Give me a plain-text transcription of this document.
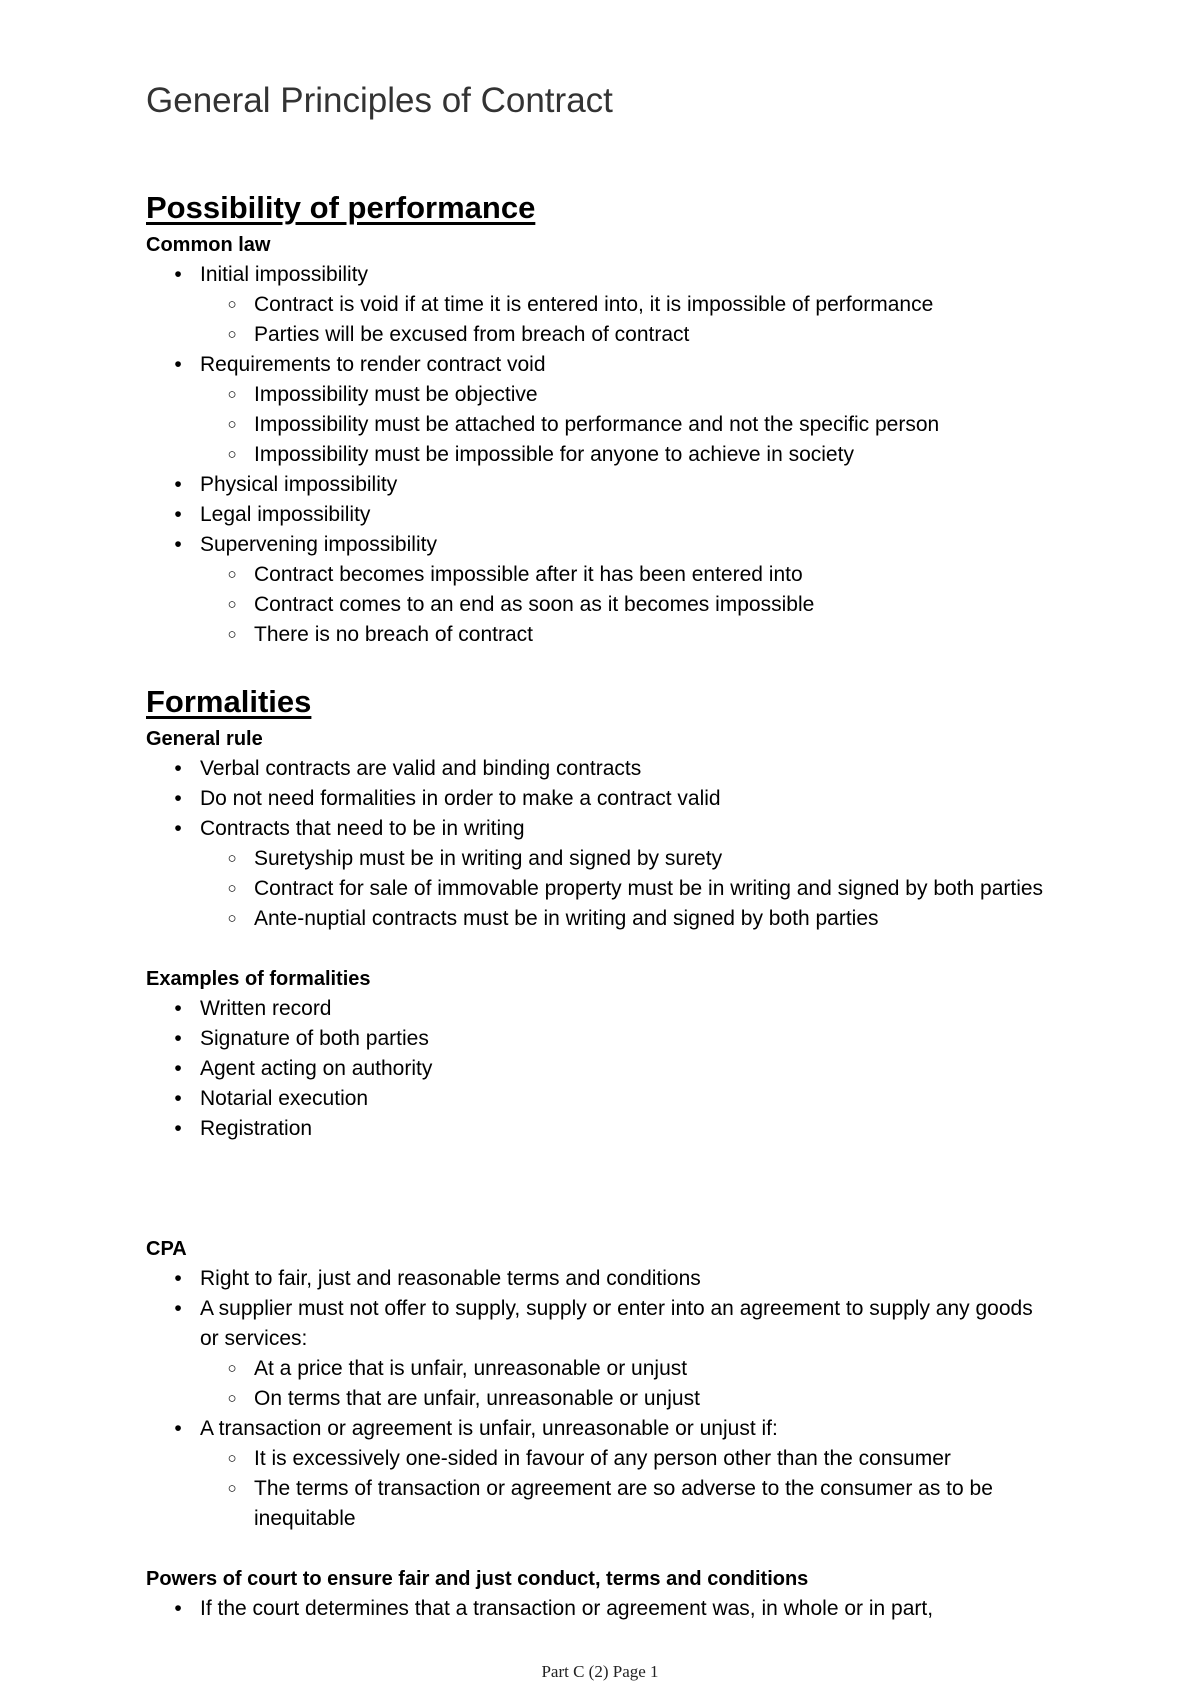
General Principles of Contract
Possibility of performance
Common law
• Initial impossibility
○ Contract is void if at time it is entered into, it is impossible of performance
○ Parties will be excused from breach of contract
• Requirements to render contract void
○ Impossibility must be objective
○ Impossibility must be attached to performance and not the specific person
○ Impossibility must be impossible for anyone to achieve in society
• Physical impossibility
• Legal impossibility
• Supervening impossibility
○ Contract becomes impossible after it has been entered into
○ Contract comes to an end as soon as it becomes impossible
○ There is no breach of contract
Formalities
General rule
• Verbal contracts are valid and binding contracts
• Do not need formalities in order to make a contract valid
• Contracts that need to be in writing
○ Suretyship must be in writing and signed by surety
○ Contract for sale of immovable property must be in writing and signed by both parties
○ Ante-nuptial contracts must be in writing and signed by both parties
Examples of formalities
• Written record
• Signature of both parties
• Agent acting on authority
• Notarial execution
• Registration
CPA
• Right to fair, just and reasonable terms and conditions
• A supplier must not offer to supply, supply or enter into an agreement to supply any goods or services:
○ At a price that is unfair, unreasonable or unjust
○ On terms that are unfair, unreasonable or unjust
• A transaction or agreement is unfair, unreasonable or unjust if:
○ It is excessively one-sided in favour of any person other than the consumer
○ The terms of transaction or agreement are so adverse to the consumer as to be inequitable
Powers of court to ensure fair and just conduct, terms and conditions
• If the court determines that a transaction or agreement was, in whole or in part,
Part C (2) Page 1
